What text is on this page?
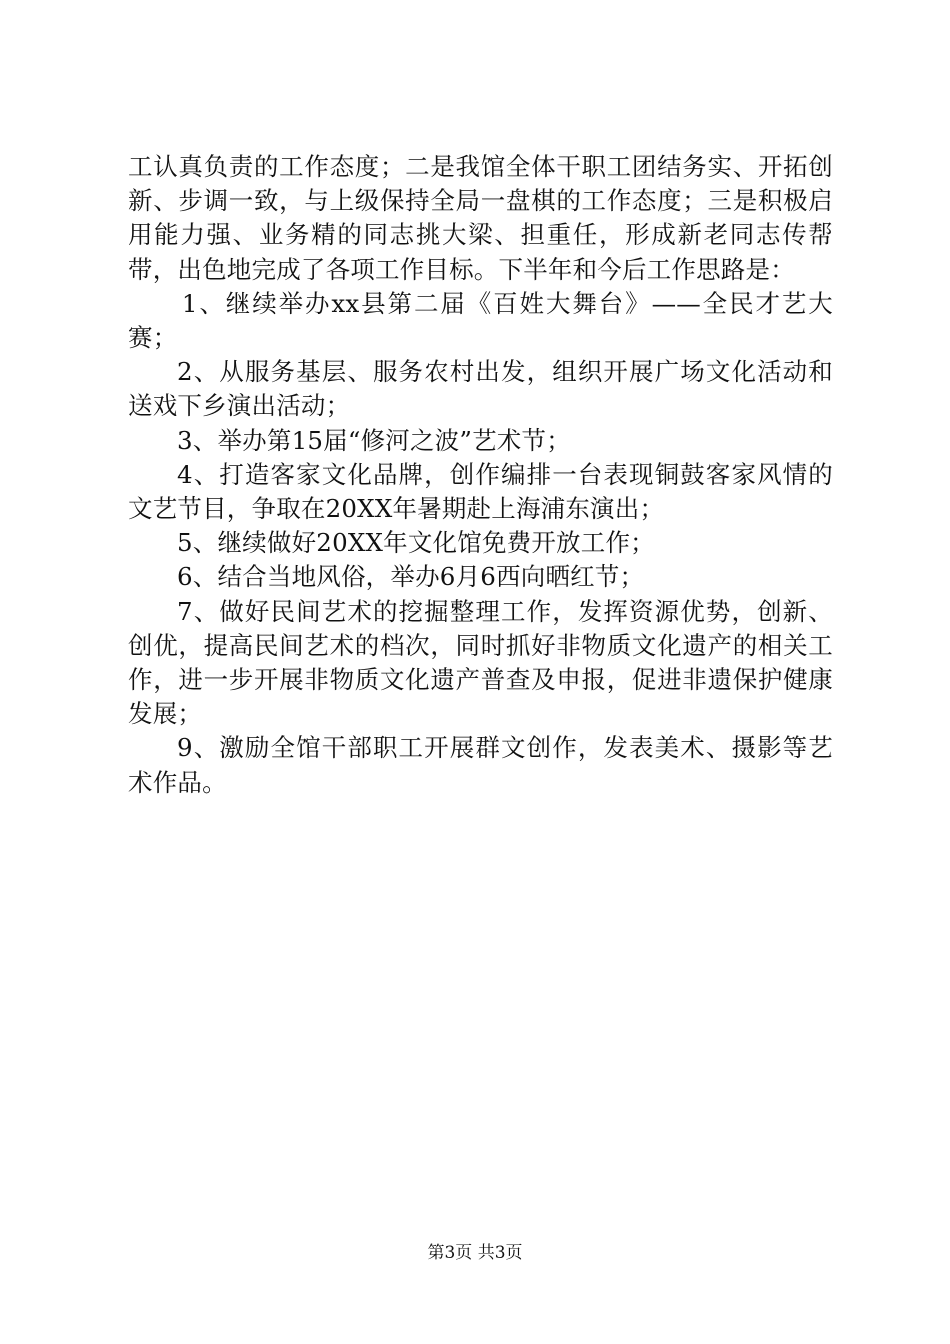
工认真负责的工作态度；二是我馆全体干职工团结务实、开拓创新、步调一致，与上级保持全局一盘棋的工作态度；三是积极启用能力强、业务精的同志挑大梁、担重任，形成新老同志传帮带，出色地完成了各项工作目标。下半年和今后工作思路是：

1、继续举办xx县第二届《百姓大舞台》——全民才艺大赛；

2、从服务基层、服务农村出发，组织开展广场文化活动和送戏下乡演出活动；

3、举办第15届“修河之波”艺术节；

4、打造客家文化品牌，创作编排一台表现铜鼓客家风情的文艺节目，争取在20XX年暑期赴上海浦东演出；

5、继续做好20XX年文化馆免费开放工作；

6、结合当地风俗，举办6月6西向晒红节；

7、做好民间艺术的挖掘整理工作，发挥资源优势，创新、创优，提高民间艺术的档次，同时抓好非物质文化遗产的相关工作，进一步开展非物质文化遗产普查及申报，促进非遗保护健康发展；

9、激励全馆干部职工开展群文创作，发表美术、摄影等艺术作品。

第3页 共3页
